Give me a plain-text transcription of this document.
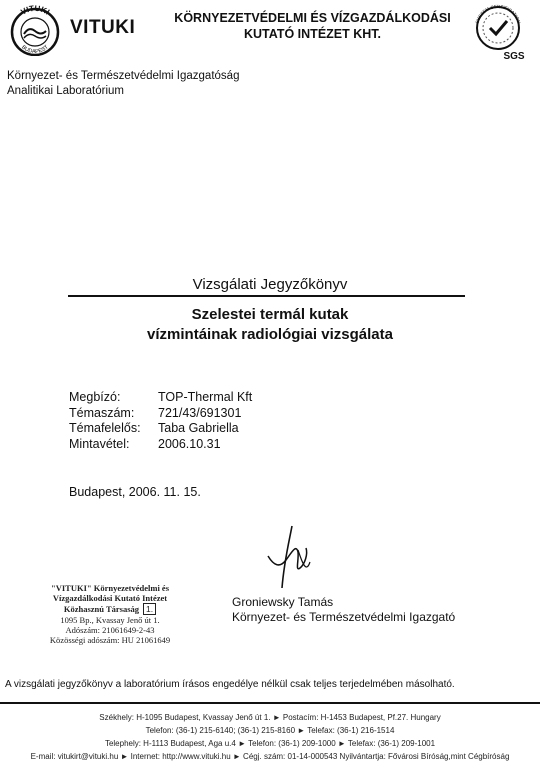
VITUKI
BUDAPEST
VITUKI	KÖRNYEZETVÉDELMI ÉS VÍZGAZDÁLKODÁSI
KUTATÓ INTÉZET KHT.
SYSTEM CERTIFICATION
SGS
Környezet- és Természetvédelmi Igazgatóság
Analitikai Laboratórium
Vizsgálati Jegyzőkönyv
Szelestei termál kutak
vízmintáinak radiológiai vizsgálata
Megbízó:	TOP-Thermal Kft
Témaszám:	721/43/691301
Témafelelős:	Taba Gabriella
Mintavétel:	2006.10.31
Budapest, 2006. 11. 15.
"VITUKI" Környezetvédelmi és
Vízgazdálkodási Kutató Intézet
Közhasznú Társaság 1.
1095 Bp., Kvassay Jenő út 1.
Adószám: 21061649-2-43
Közösségi adószám: HU 21061649
Groniewsky Tamás
Környezet- és Természetvédelmi Igazgató
A vizsgálati jegyzőkönyv a laboratórium írásos engedélye nélkül csak teljes terjedelmében másolható.
Székhely: H-1095 Budapest, Kvassay Jenő út 1. ► Postacím: H-1453 Budapest, Pf.27. Hungary
Telefon: (36-1) 215-6140; (36-1) 215-8160 ► Telefax: (36-1) 216-1514
Telephely: H-1113 Budapest, Aga u.4 ► Telefon: (36-1) 209-1000 ► Telefax: (36-1) 209-1001
E-mail: vitukirt@vituki.hu ► Internet: http://www.vituki.hu ► Cégj. szám: 01-14-000543 Nyilvántartja: Fővárosi Bíróság,mint Cégbíróság
